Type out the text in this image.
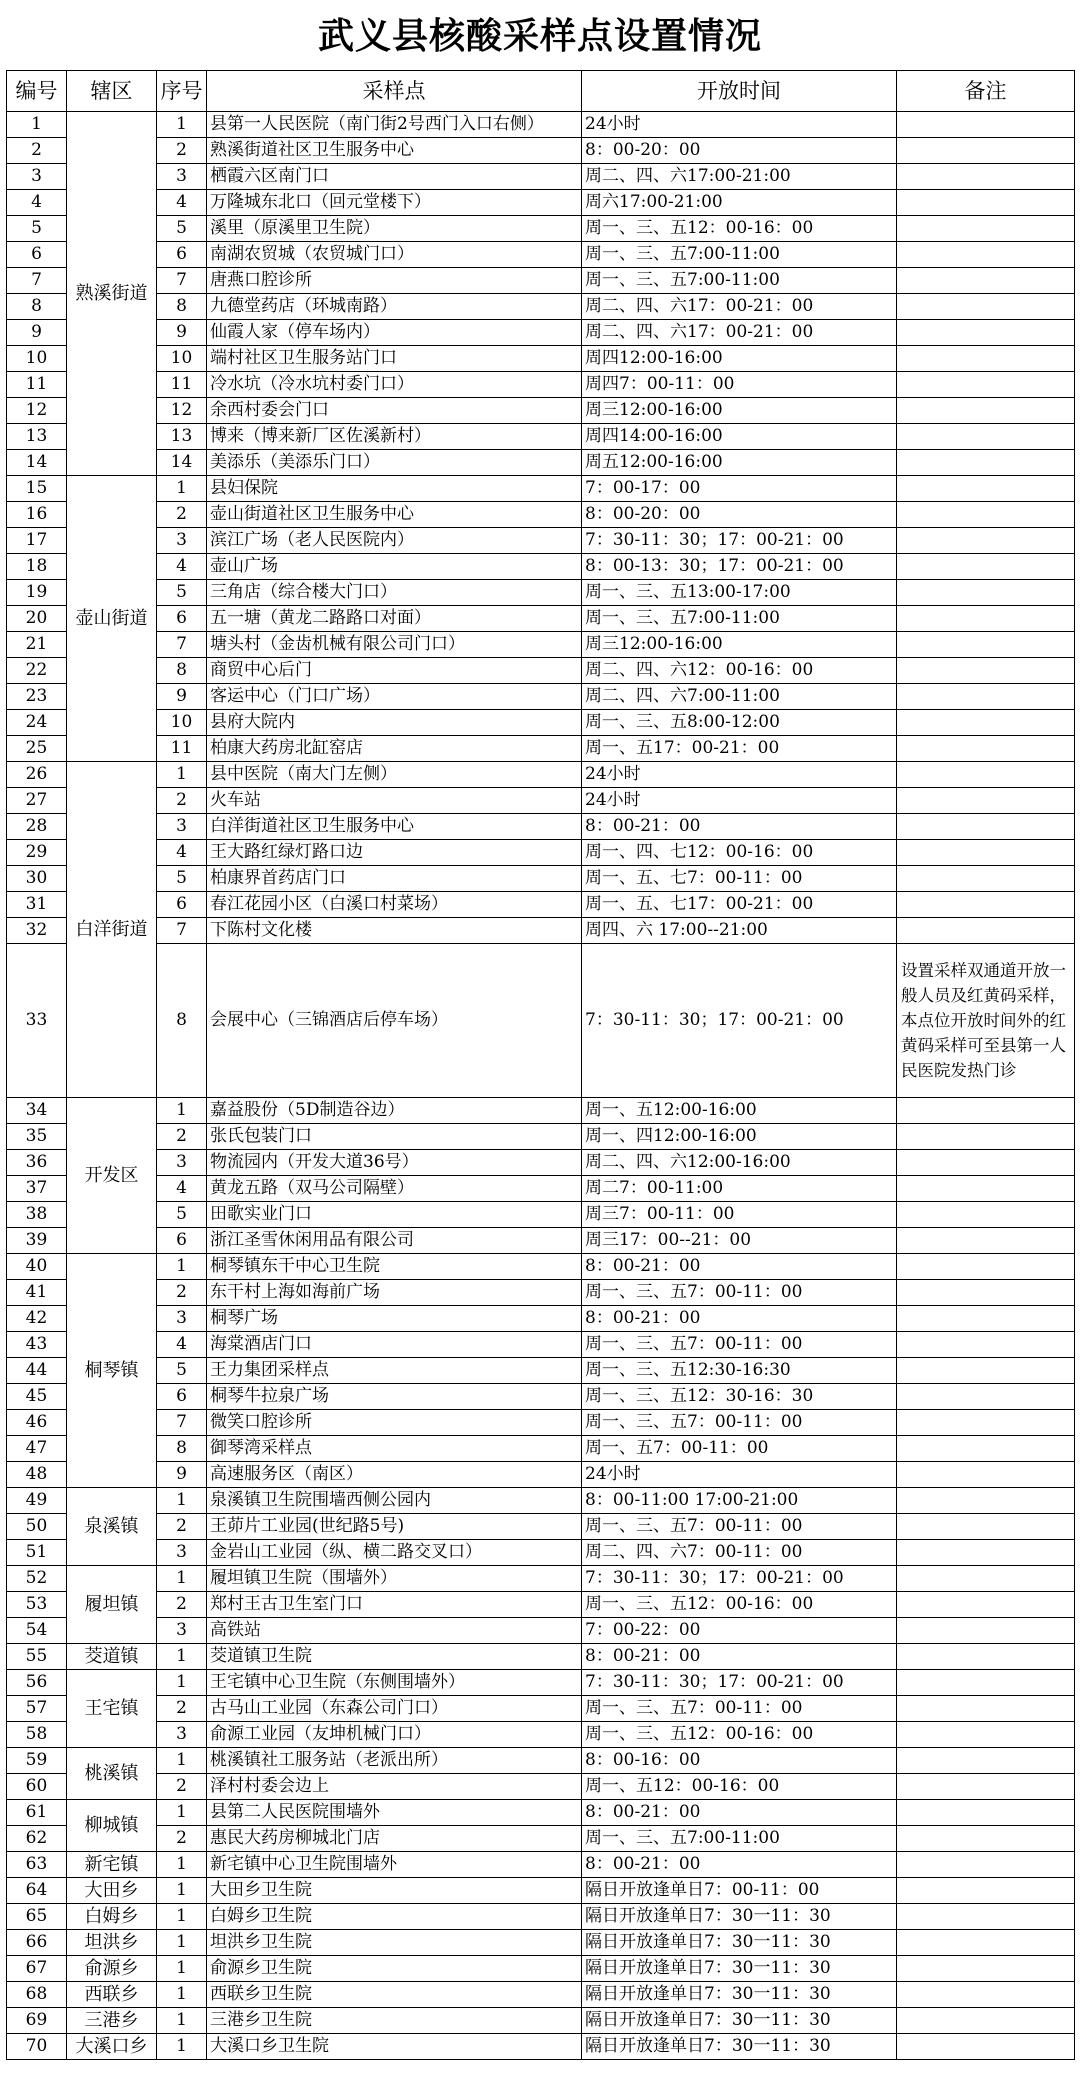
武义县核酸采样点设置情况
编号	辖区	序号	采样点	开放时间	备注
1	熟溪街道	1	县第一人民医院（南门街2号西门入口右侧）	24小时	
2		2	熟溪街道社区卫生服务中心	8：00-20：00	
3		3	栖霞六区南门口	周二、四、六17:00-21:00	
4		4	万隆城东北口（回元堂楼下）	周六17:00-21:00	
5		5	溪里（原溪里卫生院）	周一、三、五12：00-16：00	
6		6	南湖农贸城（农贸城门口）	周一、三、五7:00-11:00	
7		7	唐燕口腔诊所	周一、三、五7:00-11:00	
8		8	九德堂药店（环城南路）	周二、四、六17：00-21：00	
9		9	仙霞人家（停车场内）	周二、四、六17：00-21：00	
10		10	端村社区卫生服务站门口	周四12:00-16:00	
11		11	冷水坑（冷水坑村委门口）	周四7：00-11：00	
12		12	余西村委会门口	周三12:00-16:00	
13		13	博来（博来新厂区佐溪新村）	周四14:00-16:00	
14		14	美添乐（美添乐门口）	周五12:00-16:00	
15	壶山街道	1	县妇保院	7：00-17：00	
16		2	壶山街道社区卫生服务中心	8：00-20：00	
17		3	滨江广场（老人民医院内）	7：30-11：30；17：00-21：00	
18		4	壶山广场	8：00-13：30；17：00-21：00	
19		5	三角店（综合楼大门口）	周一、三、五13:00-17:00	
20		6	五一塘（黄龙二路路口对面）	周一、三、五7:00-11:00	
21		7	塘头村（金齿机械有限公司门口）	周三12:00-16:00	
22		8	商贸中心后门	周二、四、六12：00-16：00	
23		9	客运中心（门口广场）	周二、四、六7:00-11:00	
24		10	县府大院内	周一、三、五8:00-12:00	
25		11	柏康大药房北缸窑店	周一、五17：00-21：00	
26	白洋街道	1	县中医院（南大门左侧）	24小时	
27		2	火车站	24小时	
28		3	白洋街道社区卫生服务中心	8：00-21：00	
29		4	王大路红绿灯路口边	周一、四、七12：00-16：00	
30		5	柏康界首药店门口	周一、五、七7：00-11：00	
31		6	春江花园小区（白溪口村菜场）	周一、五、七17：00-21：00	
32		7	下陈村文化楼	周四、六 17:00--21:00	
33		8	会展中心（三锦酒店后停车场）	7：30-11：30；17：00-21：00	设置采样双通道开放一般人员及红黄码采样，本点位开放时间外的红黄码采样可至县第一人民医院发热门诊
34	开发区	1	嘉益股份（5D制造谷边）	周一、五12:00-16:00	
35		2	张氏包装门口	周一、四12:00-16:00	
36		3	物流园内（开发大道36号）	周二、四、六12:00-16:00	
37		4	黄龙五路（双马公司隔壁）	周二7：00-11:00	
38		5	田歌实业门口	周三7：00-11：00	
39		6	浙江圣雪休闲用品有限公司	周三17：00--21：00	
40	桐琴镇	1	桐琴镇东干中心卫生院	8：00-21：00	
41		2	东干村上海如海前广场	周一、三、五7：00-11：00	
42		3	桐琴广场	8：00-21：00	
43		4	海棠酒店门口	周一、三、五7：00-11：00	
44		5	王力集团采样点	周一、三、五12:30-16:30	
45		6	桐琴牛拉泉广场	周一、三、五12：30-16：30	
46		7	微笑口腔诊所	周一、三、五7：00-11：00	
47		8	御琴湾采样点	周一、五7：00-11：00	
48		9	高速服务区（南区）	24小时	
49	泉溪镇	1	泉溪镇卫生院围墙西侧公园内	8：00-11:00 17:00-21:00	
50		2	王茆片工业园(世纪路5号)	周一、三、五7：00-11：00	
51		3	金岩山工业园（纵、横二路交叉口）	周二、四、六7：00-11：00	
52	履坦镇	1	履坦镇卫生院（围墙外）	7：30-11：30；17：00-21：00	
53		2	郑村王古卫生室门口	周一、三、五12：00-16：00	
54		3	高铁站	7：00-22：00	
55	茭道镇	1	茭道镇卫生院	8：00-21：00	
56	王宅镇	1	王宅镇中心卫生院（东侧围墙外）	7：30-11：30；17：00-21：00	
57		2	古马山工业园（东森公司门口）	周一、三、五7：00-11：00	
58		3	俞源工业园（友坤机械门口）	周一、三、五12：00-16：00	
59	桃溪镇	1	桃溪镇社工服务站（老派出所）	8：00-16：00	
60		2	泽村村委会边上	周一、五12：00-16：00	
61	柳城镇	1	县第二人民医院围墙外	8：00-21：00	
62		2	惠民大药房柳城北门店	周一、三、五7:00-11:00	
63	新宅镇	1	新宅镇中心卫生院围墙外	8：00-21：00	
64	大田乡	1	大田乡卫生院	隔日开放逢单日7：00-11：00	
65	白姆乡	1	白姆乡卫生院	隔日开放逢单日7：30一11：30	
66	坦洪乡	1	坦洪乡卫生院	隔日开放逢单日7：30一11：30	
67	俞源乡	1	俞源乡卫生院	隔日开放逢单日7：30一11：30	
68	西联乡	1	西联乡卫生院	隔日开放逢单日7：30一11：30	
69	三港乡	1	三港乡卫生院	隔日开放逢单日7：30一11：30	
70	大溪口乡	1	大溪口乡卫生院	隔日开放逢单日7：30一11：30	
